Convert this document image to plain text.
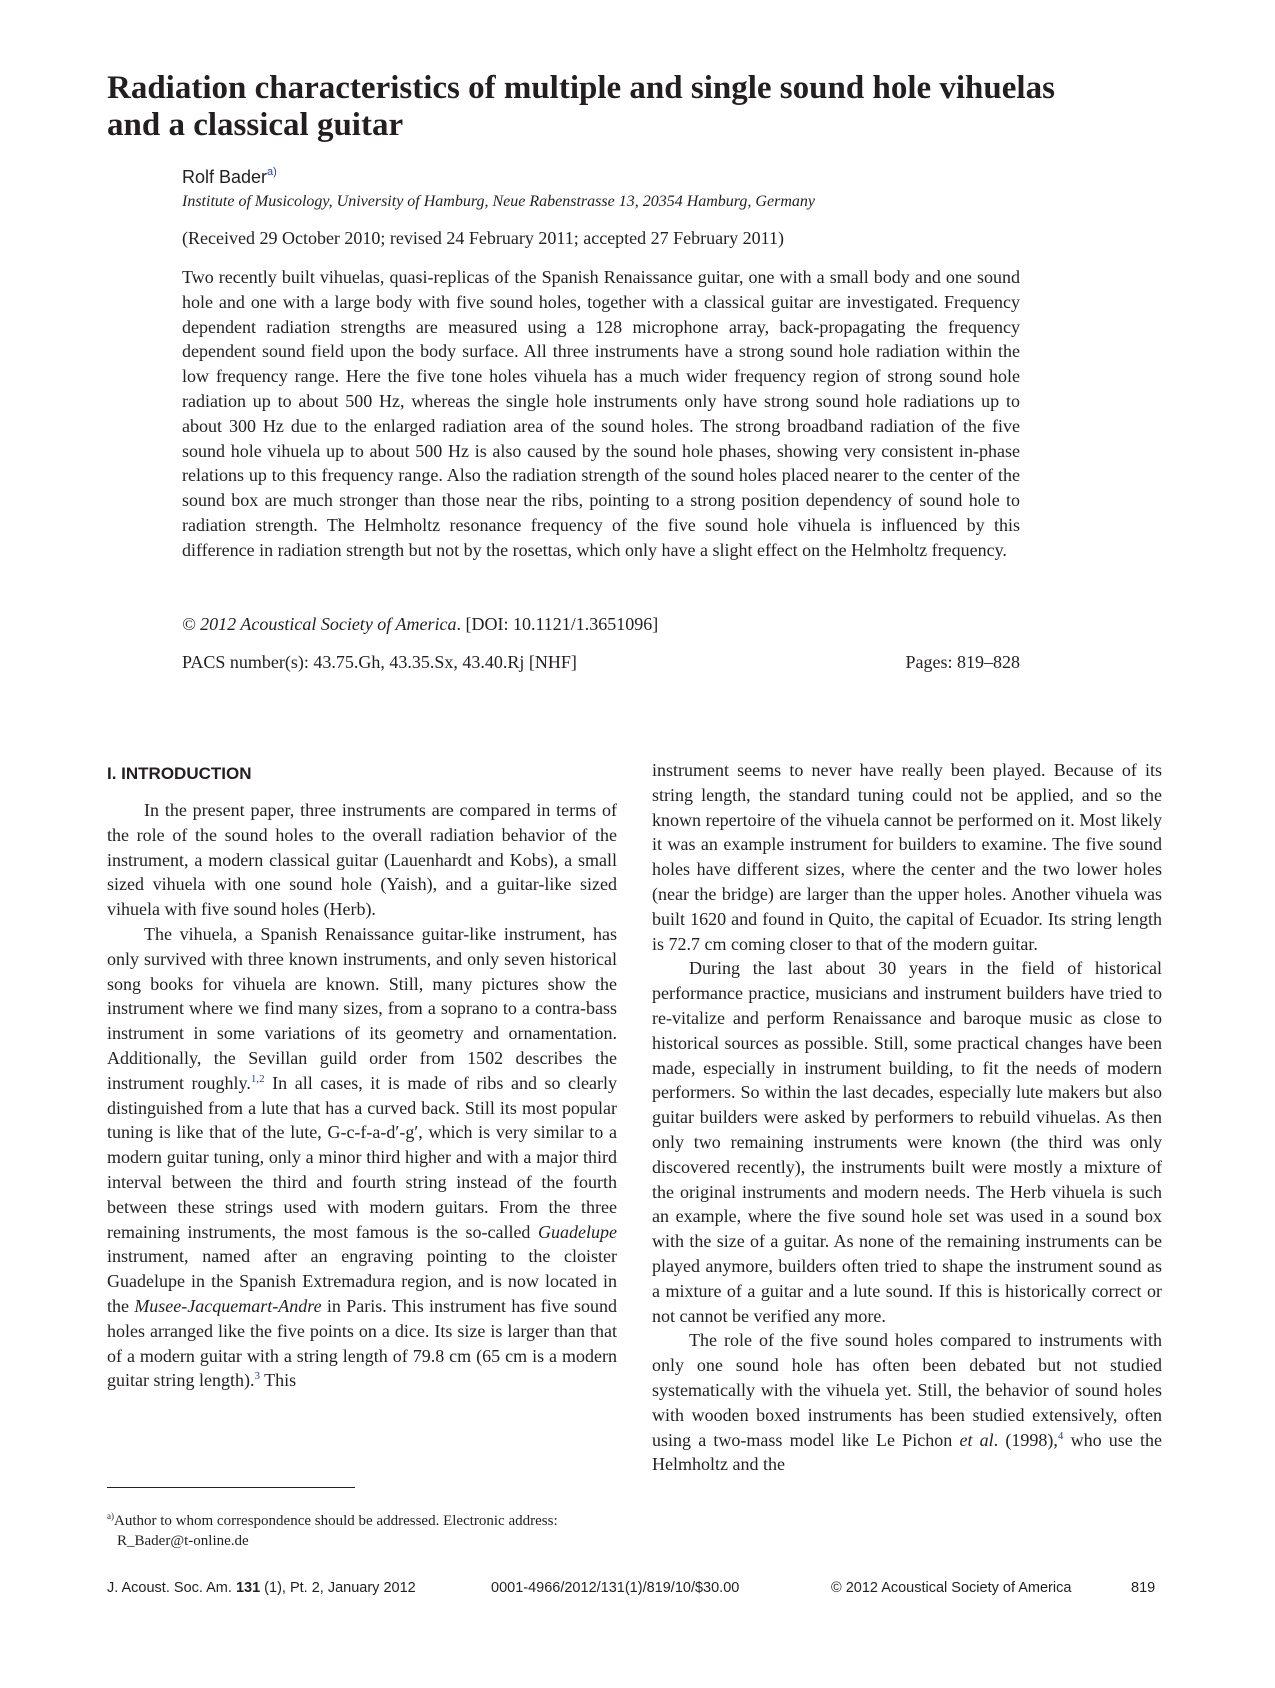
Radiation characteristics of multiple and single sound hole vihuelas and a classical guitar
Rolf Bader$^{a)}$
Institute of Musicology, University of Hamburg, Neue Rabenstrasse 13, 20354 Hamburg, Germany
(Received 29 October 2010; revised 24 February 2011; accepted 27 February 2011)

Two recently built vihuelas, quasi-replicas of the Spanish Renaissance guitar, one with a small body and one sound hole and one with a large body with five sound holes, together with a classical guitar are investigated. Frequency dependent radiation strengths are measured using a 128 microphone array, back-propagating the frequency dependent sound field upon the body surface. All three instruments have a strong sound hole radiation within the low frequency range. Here the five tone holes vihuela has a much wider frequency region of strong sound hole radiation up to about 500 Hz, whereas the single hole instruments only have strong sound hole radiations up to about 300 Hz due to the enlarged radiation area of the sound holes. The strong broadband radiation of the five sound hole vihuela up to about 500 Hz is also caused by the sound hole phases, showing very consistent in-phase relations up to this frequency range. Also the radiation strength of the sound holes placed nearer to the center of the sound box are much stronger than those near the ribs, pointing to a strong position dependency of sound hole to radiation strength. The Helmholtz resonance frequency of the five sound hole vihuela is influenced by this difference in radiation strength but not by the rosettas, which only have a slight effect on the Helmholtz frequency.

© 2012 Acoustical Society of America. [DOI: 10.1121/1.3651096]
PACS number(s): 43.75.Gh, 43.35.Sx, 43.40.Rj [NHF]	Pages: 819–828
I. INTRODUCTION

In the present paper, three instruments are compared in terms of the role of the sound holes to the overall radiation behavior of the instrument, a modern classical guitar (Lauenhardt and Kobs), a small sized vihuela with one sound hole (Yaish), and a guitar-like sized vihuela with five sound holes (Herb).

The vihuela, a Spanish Renaissance guitar-like instrument, has only survived with three known instruments, and only seven historical song books for vihuela are known. Still, many pictures show the instrument where we find many sizes, from a soprano to a contra-bass instrument in some variations of its geometry and ornamentation. Additionally, the Sevillan guild order from 1502 describes the instrument roughly.$^{1,2}$ In all cases, it is made of ribs and so clearly distinguished from a lute that has a curved back. Still its most popular tuning is like that of the lute, G-c-f-a-d′-g′, which is very similar to a modern guitar tuning, only a minor third higher and with a major third interval between the third and fourth string instead of the fourth between these strings used with modern guitars. From the three remaining instruments, the most famous is the so-called Guadelupe instrument, named after an engraving pointing to the cloister Guadelupe in the Spanish Extremadura region, and is now located in the Musee-Jacquemart-Andre in Paris. This instrument has five sound holes arranged like the five points on a dice. Its size is larger than that of a modern guitar with a string length of 79.8 cm (65 cm is a modern guitar string length).$^3$ This

instrument seems to never have really been played. Because of its string length, the standard tuning could not be applied, and so the known repertoire of the vihuela cannot be performed on it. Most likely it was an example instrument for builders to examine. The five sound holes have different sizes, where the center and the two lower holes (near the bridge) are larger than the upper holes. Another vihuela was built 1620 and found in Quito, the capital of Ecuador. Its string length is 72.7 cm coming closer to that of the modern guitar.

During the last about 30 years in the field of historical performance practice, musicians and instrument builders have tried to re-vitalize and perform Renaissance and baroque music as close to historical sources as possible. Still, some practical changes have been made, especially in instrument building, to fit the needs of modern performers. So within the last decades, especially lute makers but also guitar builders were asked by performers to rebuild vihuelas. As then only two remaining instruments were known (the third was only discovered recently), the instruments built were mostly a mixture of the original instruments and modern needs. The Herb vihuela is such an example, where the five sound hole set was used in a sound box with the size of a guitar. As none of the remaining instruments can be played anymore, builders often tried to shape the instrument sound as a mixture of a guitar and a lute sound. If this is historically correct or not cannot be verified any more.

The role of the five sound holes compared to instruments with only one sound hole has often been debated but not studied systematically with the vihuela yet. Still, the behavior of sound holes with wooden boxed instruments has been studied extensively, often using a two-mass model like Le Pichon et al. (1998),$^4$ who use the Helmholtz and the

$^{a)}$Author to whom correspondence should be addressed. Electronic address:
R_Bader@t-online.de
J. Acoust. Soc. Am. 131 (1), Pt. 2, January 2012	0001-4966/2012/131(1)/819/10/$30.00	© 2012 Acoustical Society of America	819
